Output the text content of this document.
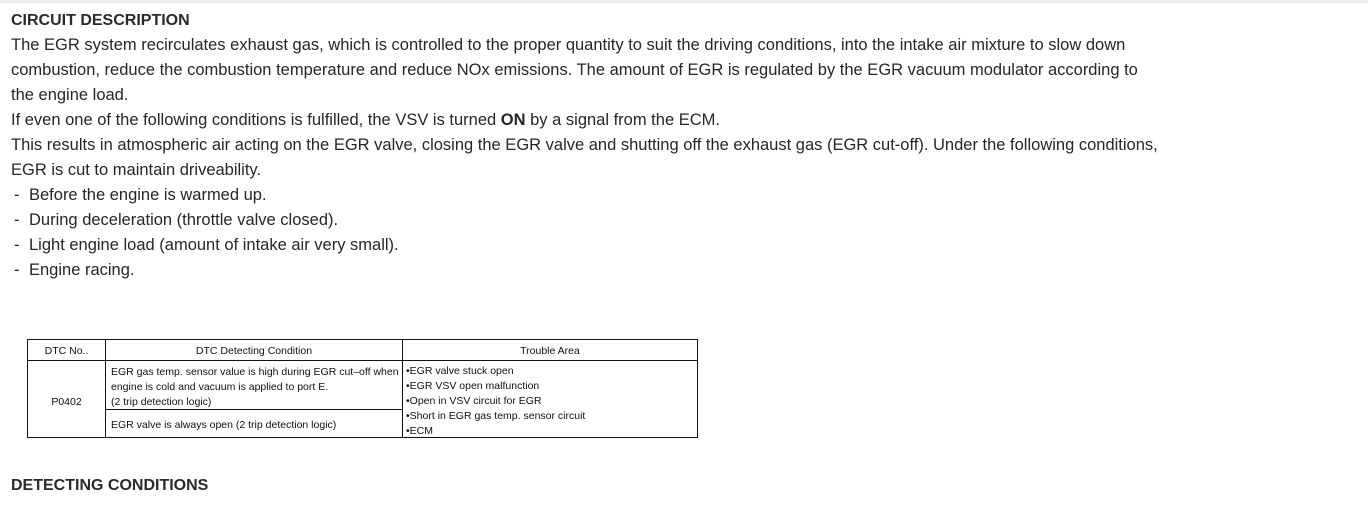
CIRCUIT DESCRIPTION

The EGR system recirculates exhaust gas, which is controlled to the proper quantity to suit the driving conditions, into the intake air mixture to slow down
combustion, reduce the combustion temperature and reduce NOx emissions. The amount of EGR is regulated by the EGR vacuum modulator according to
the engine load.

If even one of the following conditions is fulfilled, the VSV is turned ON by a signal from the ECM.

This results in atmospheric air acting on the EGR valve, closing the EGR valve and shutting off the exhaust gas (EGR cut-off). Under the following conditions,
EGR is cut to maintain driveability.

- Before the engine is warmed up.
- During deceleration (throttle valve closed).
- Light engine load (amount of intake air very small).
- Engine racing.
DTC No..	DTC Detecting Condition	Trouble Area
P0402
EGR gas temp. sensor value is high during EGR cut–off when
engine is cold and vacuum is applied to port E.
(2 trip detection logic)
EGR valve is always open (2 trip detection logic)
•EGR valve stuck open
•EGR VSV open malfunction
•Open in VSV circuit for EGR
•Short in EGR gas temp. sensor circuit
•ECM

DETECTING CONDITIONS
